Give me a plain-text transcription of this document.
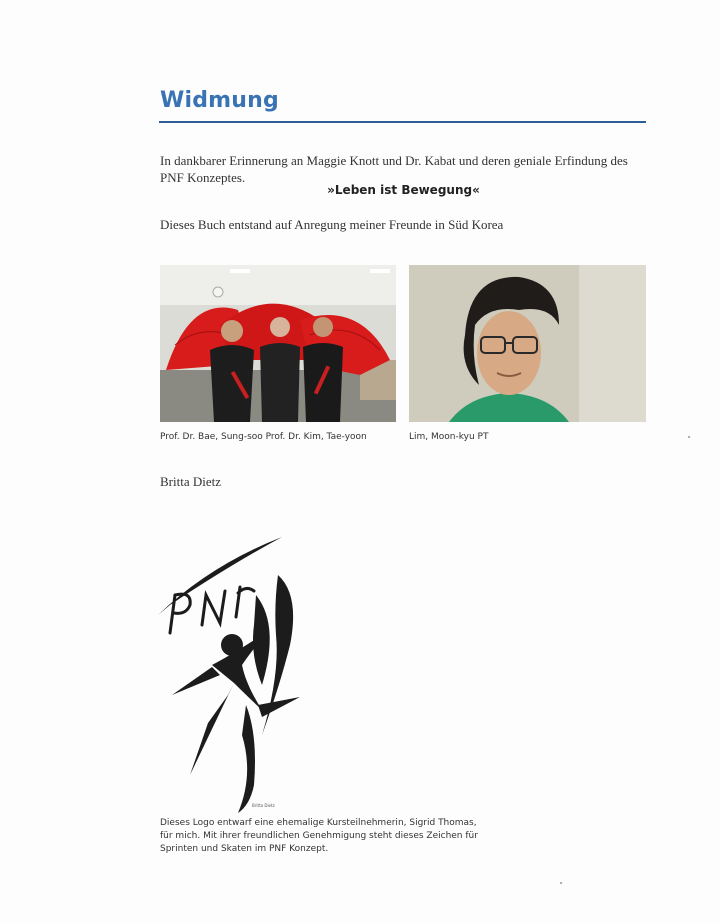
Widmung
In dankbarer Erinnerung an Maggie Knott und Dr. Kabat und deren geniale Erfindung des PNF Konzeptes.
»Leben ist Bewegung«
Dieses Buch entstand auf Anregung meiner Freunde in Süd Korea
Prof. Dr. Bae, Sung-soo Prof. Dr. Kim, Tae-yoon	Lim, Moon-kyu PT
Britta Dietz
Britta Dietz
Dieses Logo entwarf eine ehemalige Kursteilnehmerin, Sigrid Thomas, für mich. Mit ihrer freundlichen Genehmigung steht dieses Zeichen für Sprinten und Skaten im PNF Konzept.
